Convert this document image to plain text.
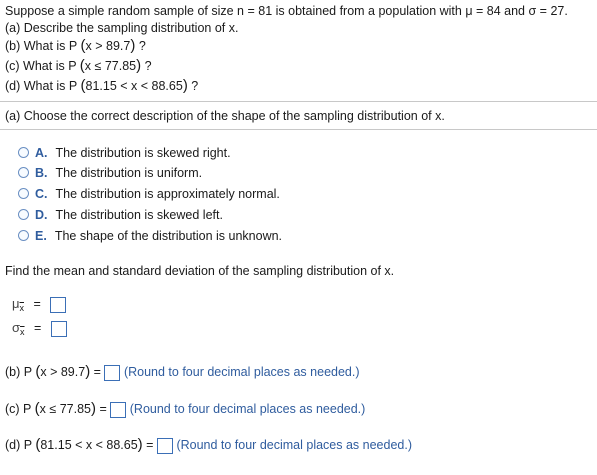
Suppose a simple random sample of size n = 81 is obtained from a population with μ = 84 and σ = 27.
(a) Describe the sampling distribution of x.
(b) What is P (x > 89.7) ?
(c) What is P (x ≤ 77.85) ?
(d) What is P (81.15 < x < 88.65) ?
(a) Choose the correct description of the shape of the sampling distribution of x.
A. The distribution is skewed right.
B. The distribution is uniform.
C. The distribution is approximately normal.
D. The distribution is skewed left.
E. The shape of the distribution is unknown.
Find the mean and standard deviation of the sampling distribution of x.
$\mu_{\overline{x}}$ =
$\sigma_{\overline{x}}$ =
(b) P (x > 89.7) = (Round to four decimal places as needed.)
(c) P (x ≤ 77.85) = (Round to four decimal places as needed.)
(d) P (81.15 < x < 88.65) = (Round to four decimal places as needed.)
